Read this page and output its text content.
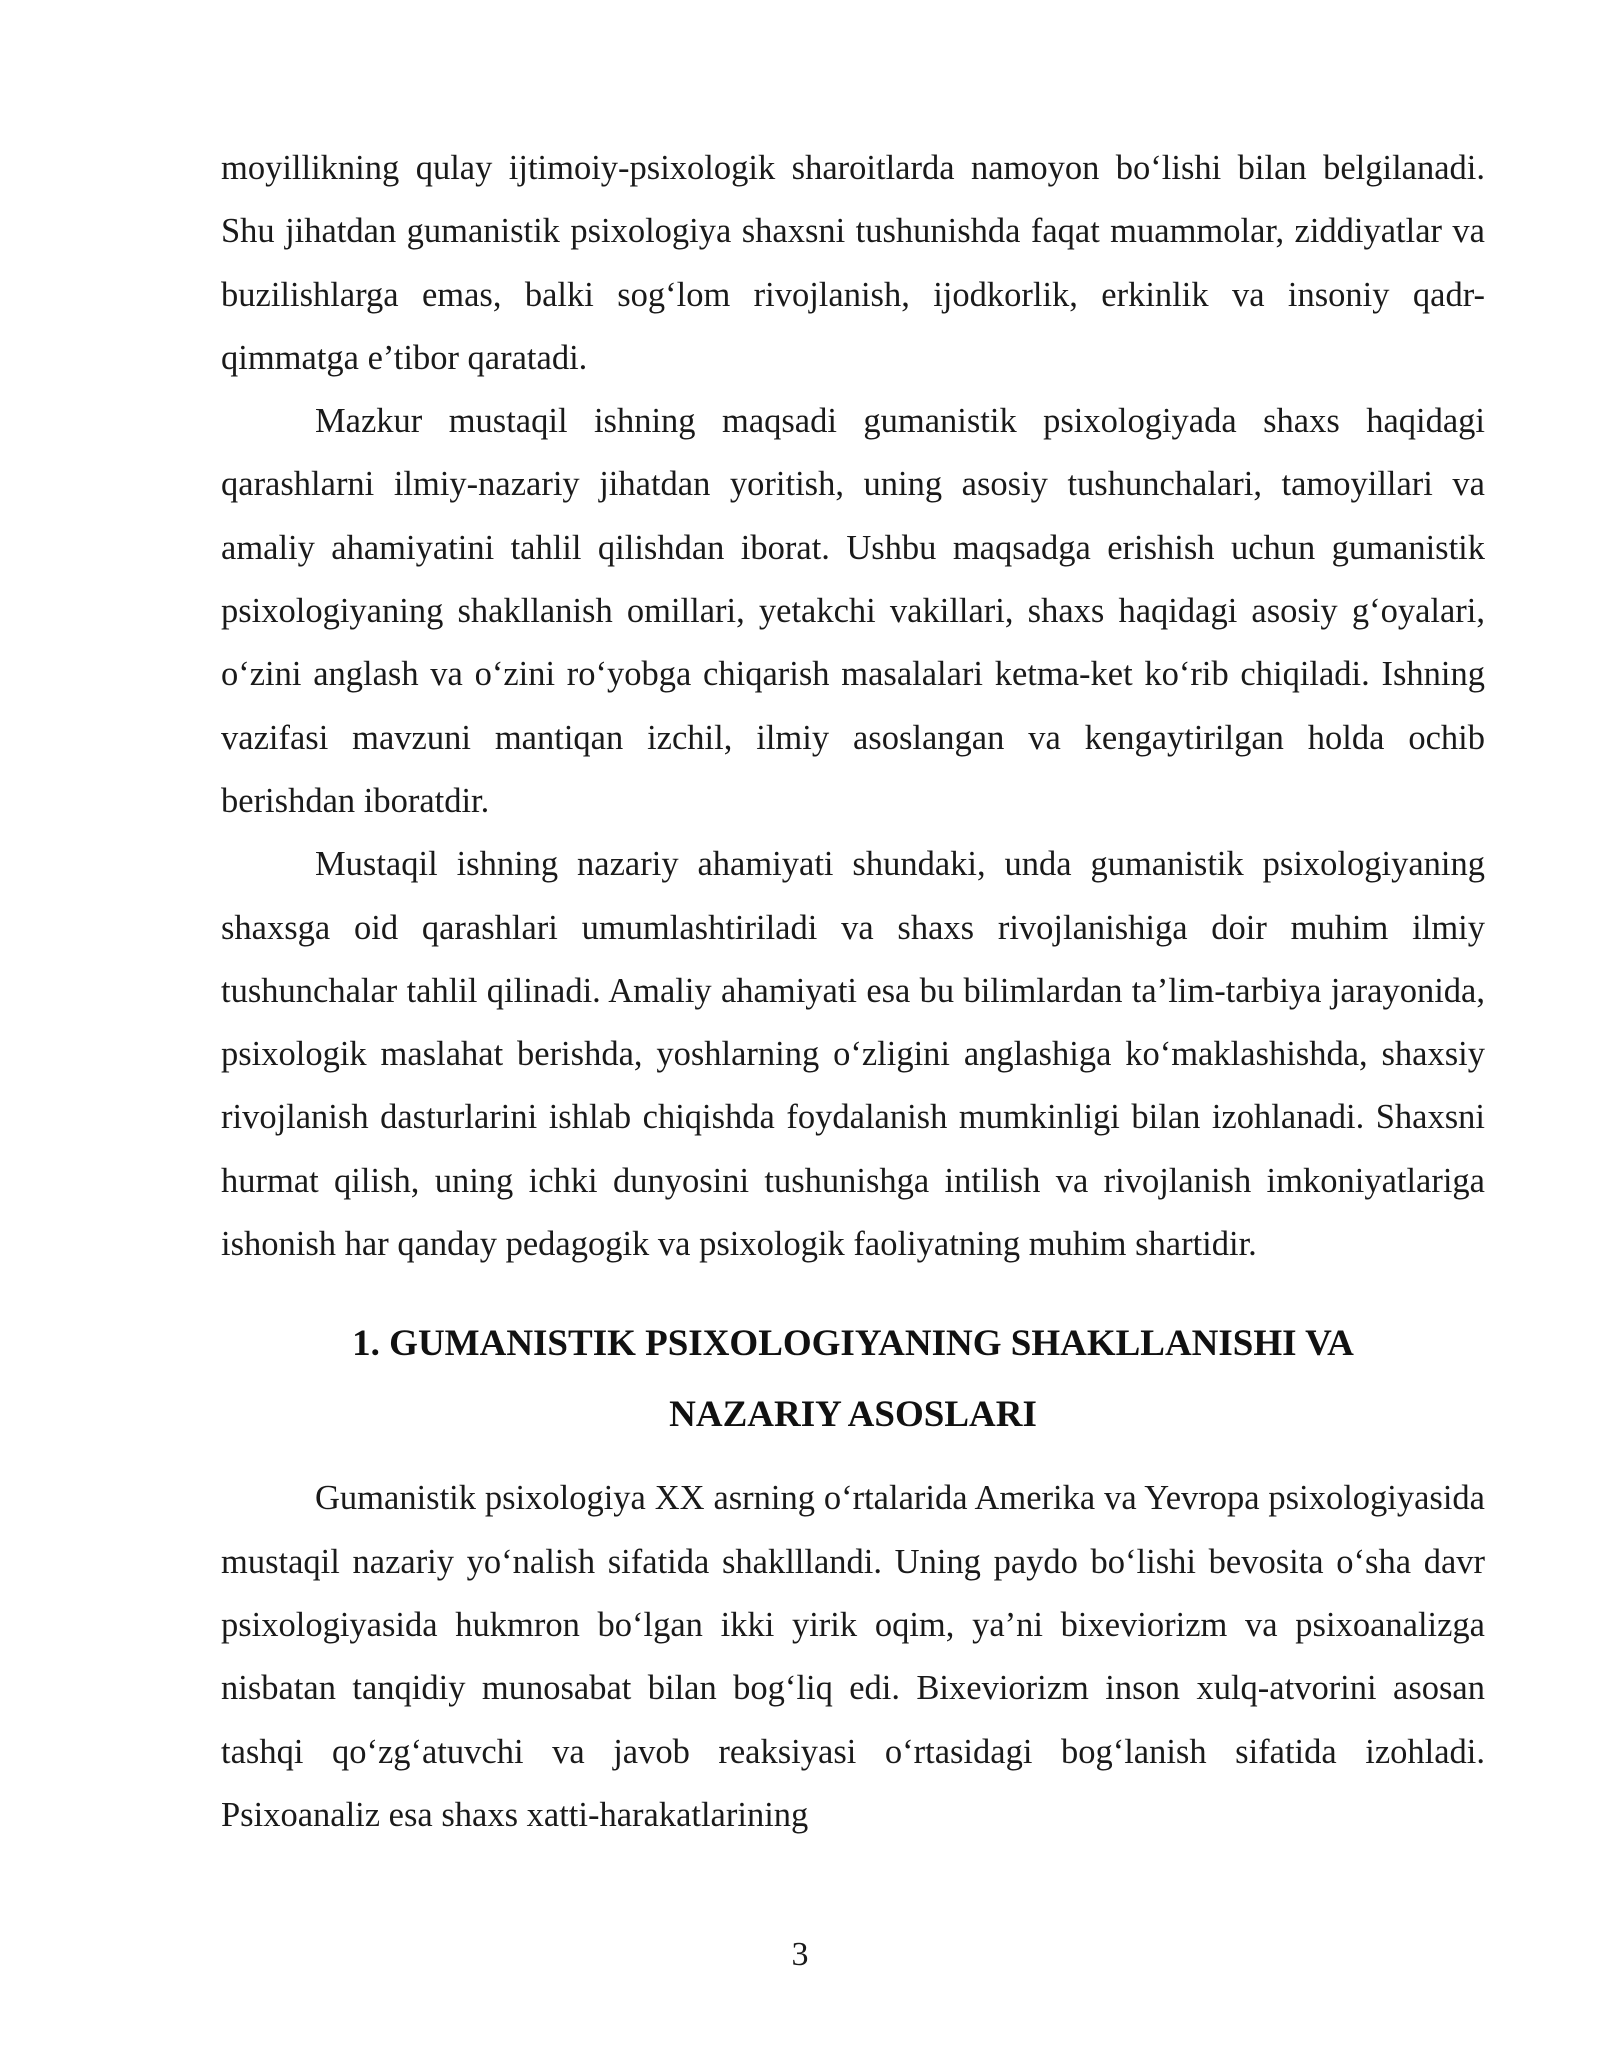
moyillikning qulay ijtimoiy-psixologik sharoitlarda namoyon bo‘lishi bilan belgilanadi. Shu jihatdan gumanistik psixologiya shaxsni tushunishda faqat muammolar, ziddiyatlar va buzilishlarga emas, balki sog‘lom rivojlanish, ijodkorlik, erkinlik va insoniy qadr-qimmatga e’tibor qaratadi.

Mazkur mustaqil ishning maqsadi gumanistik psixologiyada shaxs haqidagi qarashlarni ilmiy-nazariy jihatdan yoritish, uning asosiy tushunchalari, tamoyillari va amaliy ahamiyatini tahlil qilishdan iborat. Ushbu maqsadga erishish uchun gumanistik psixologiyaning shakllanish omillari, yetakchi vakillari, shaxs haqidagi asosiy g‘oyalari, o‘zini anglash va o‘zini ro‘yobga chiqarish masalalari ketma-ket ko‘rib chiqiladi. Ishning vazifasi mavzuni mantiqan izchil, ilmiy asoslangan va kengaytirilgan holda ochib berishdan iboratdir.

Mustaqil ishning nazariy ahamiyati shundaki, unda gumanistik psixologiyaning shaxsga oid qarashlari umumlashtiriladi va shaxs rivojlanishiga doir muhim ilmiy tushunchalar tahlil qilinadi. Amaliy ahamiyati esa bu bilimlardan ta’lim-tarbiya jarayonida, psixologik maslahat berishda, yoshlarning o‘zligini anglashiga ko‘maklashishda, shaxsiy rivojlanish dasturlarini ishlab chiqishda foydalanish mumkinligi bilan izohlanadi. Shaxsni hurmat qilish, uning ichki dunyosini tushunishga intilish va rivojlanish imkoniyatlariga ishonish har qanday pedagogik va psixologik faoliyatning muhim shartidir.

1. GUMANISTIK PSIXOLOGIYANING SHAKLLANISHI VA
NAZARIY ASOSLARI

Gumanistik psixologiya XX asrning o‘rtalarida Amerika va Yevropa psixologiyasida mustaqil nazariy yo‘nalish sifatida shaklllandi. Uning paydo bo‘lishi bevosita o‘sha davr psixologiyasida hukmron bo‘lgan ikki yirik oqim, ya’ni bixeviorizm va psixoanalizga nisbatan tanqidiy munosabat bilan bog‘liq edi. Bixeviorizm inson xulq-atvorini asosan tashqi qo‘zg‘atuvchi va javob reaksiyasi o‘rtasidagi bog‘lanish sifatida izohladi. Psixoanaliz esa shaxs xatti-harakatlarining

3
